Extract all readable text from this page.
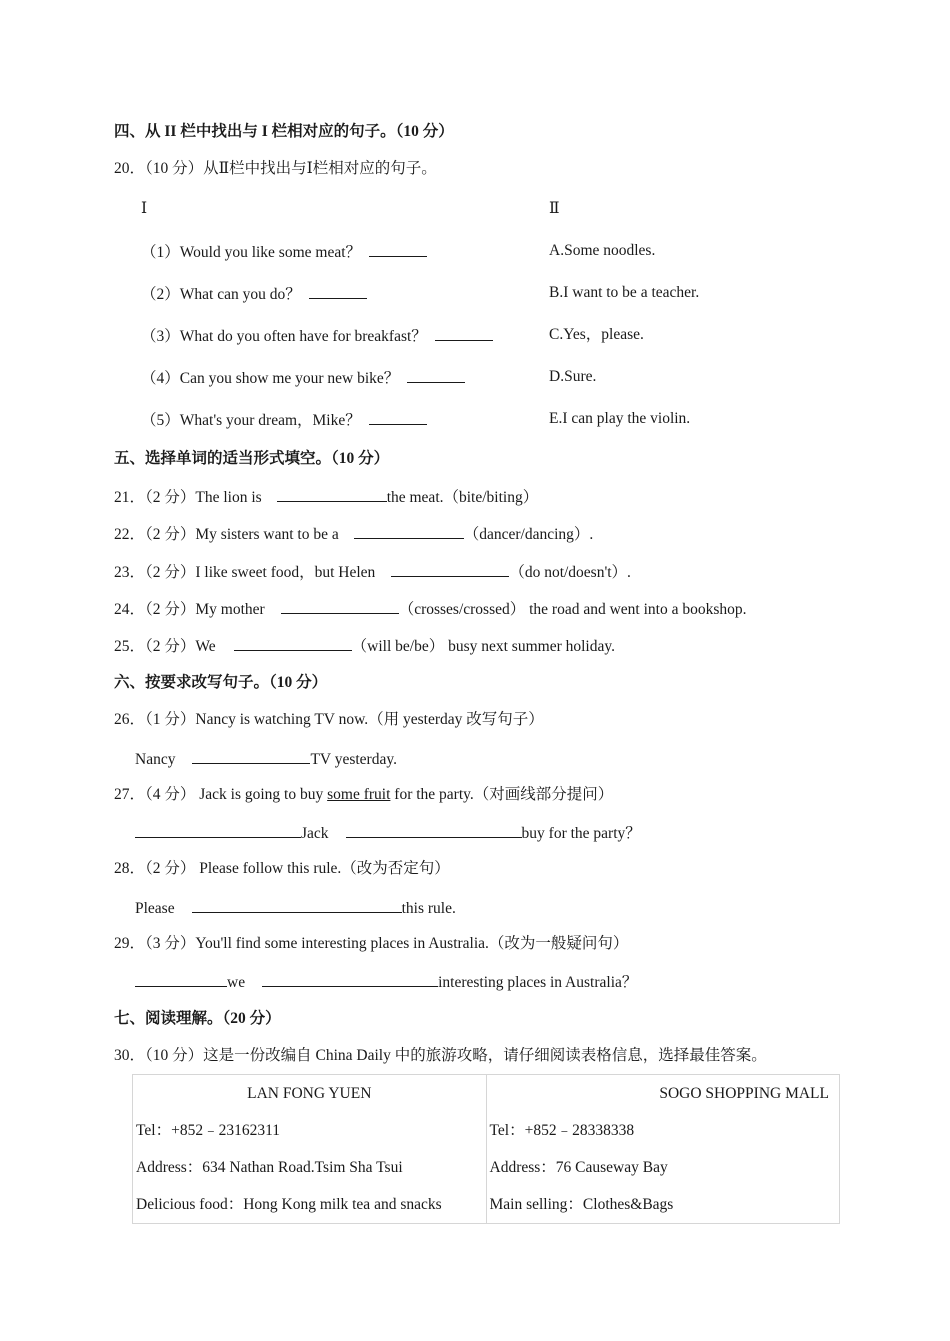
四、从 II 栏中找出与 I 栏相对应的句子。（10 分）
20．（10 分）从Ⅱ栏中找出与Ⅰ栏相对应的句子。
Ⅰ	Ⅱ
（1）Would you like some meat？	A.Some noodles.
（2）What can you do？	B.I want to be a teacher.
（3）What do you often have for breakfast？	C.Yes，please.
（4）Can you show me your new bike？	D.Sure.
（5）What's your dream，Mike？	E.I can play the violin.
五、选择单词的适当形式填空。（10 分）
21．（2 分）The lion is	the meat.（bite/biting）
22．（2 分）My sisters want to be a	（dancer/dancing）.
23．（2 分）I like sweet food，but Helen	（do not/doesn't）.
24．（2 分）My mother	（crosses/crossed） the road and went into a bookshop.
25．（2 分）We	（will be/be） busy next summer holiday.
六、按要求改写句子。（10 分）
26．（1 分）Nancy is watching TV now.（用 yesterday 改写句子）
Nancy	TV yesterday.
27．（4 分） Jack is going to buy some fruit for the party.（对画线部分提问）
Jack	buy for the party？
28．（2 分） Please follow this rule.（改为否定句）
Please	this rule.
29．（3 分）You'll find some interesting places in Australia.（改为一般疑问句）
we	interesting places in Australia？
七、阅读理解。（20 分）
30．（10 分）这是一份改编自 China Daily 中的旅游攻略，请仔细阅读表格信息，选择最佳答案。
LAN FONG YUEN
Tel：+852﹣23162311
Address：634 Nathan Road.Tsim Sha Tsui
Delicious food：Hong Kong milk tea and snacks

SOGO SHOPPING MALL
Tel：+852﹣28338338
Address：76 Causeway Bay
Main selling：Clothes&Bags
